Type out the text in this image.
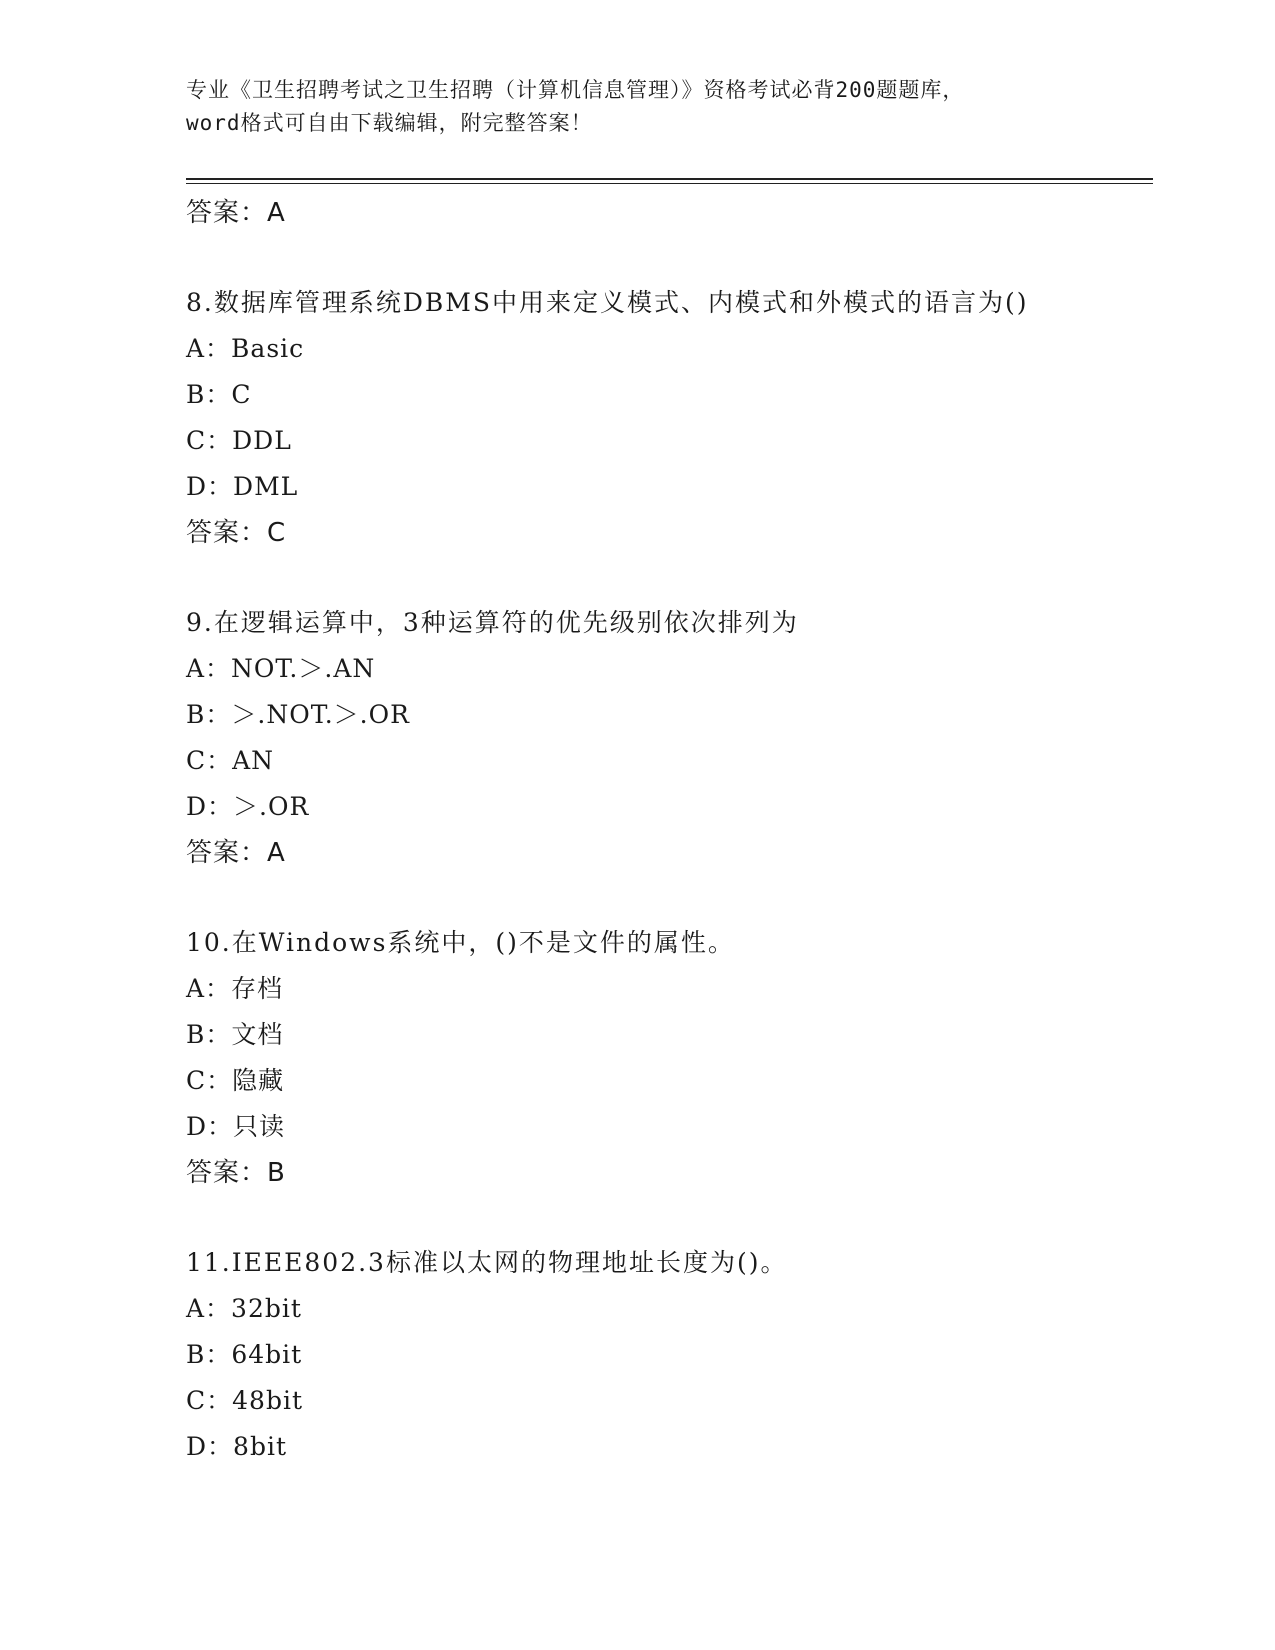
专业《卫生招聘考试之卫生招聘（计算机信息管理）》资格考试必背200题题库，
word格式可自由下载编辑，附完整答案！
答案：A
8.数据库管理系统DBMS中用来定义模式、内模式和外模式的语言为()
A：Basic
B：C
C：DDL
D：DML
答案：C
9.在逻辑运算中，3种运算符的优先级别依次排列为
A：NOT.＞.AN
B：＞.NOT.＞.OR
C：AN
D：＞.OR
答案：A
10.在Windows系统中，()不是文件的属性。
A：存档
B：文档
C：隐藏
D：只读
答案：B
11.IEEE802.3标准以太网的物理地址长度为()。
A：32bit
B：64bit
C：48bit
D：8bit
